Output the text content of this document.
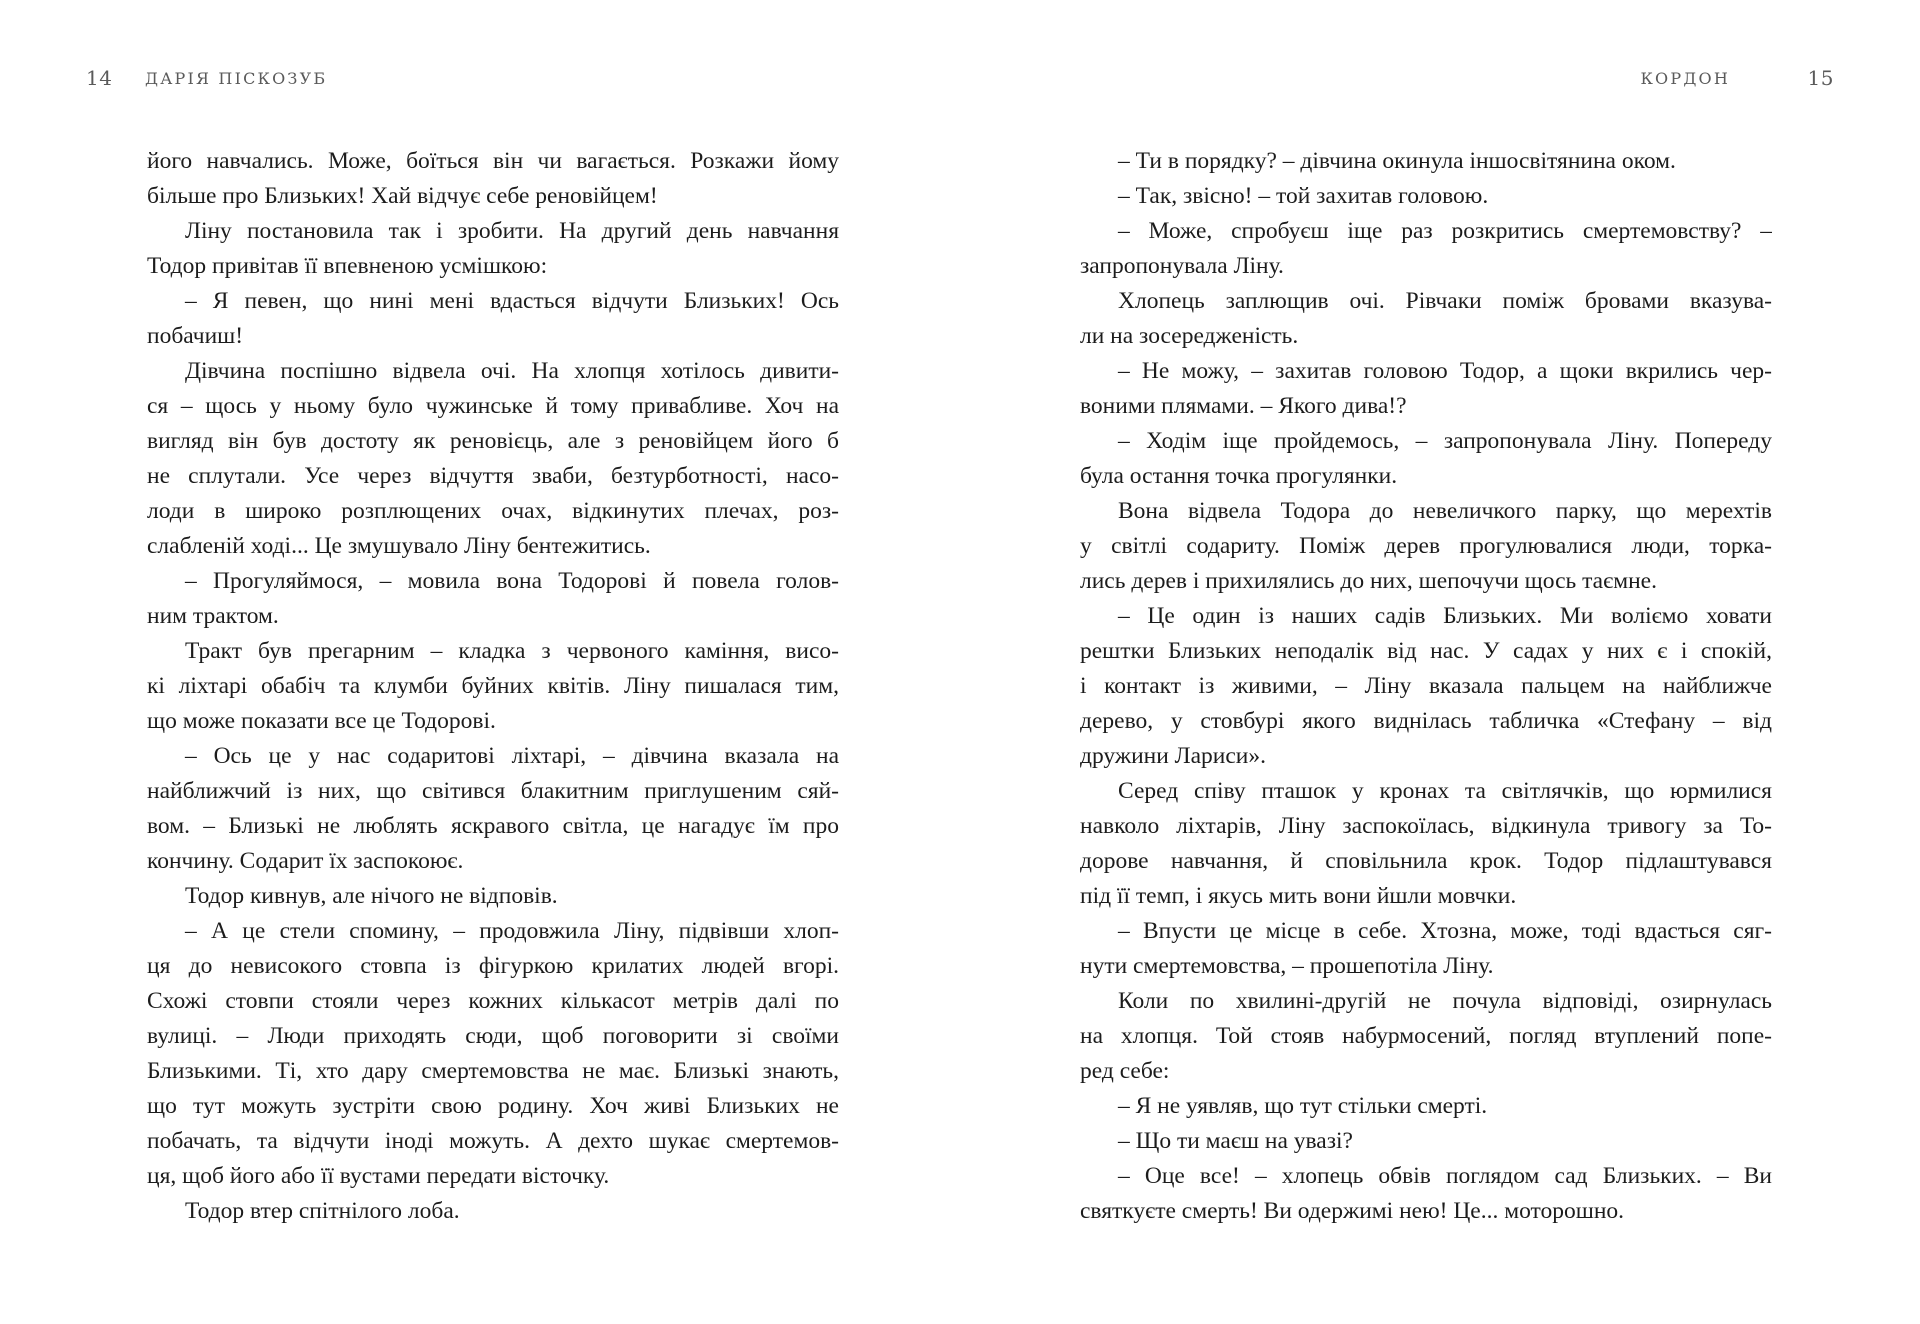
14 ДАРІЯ ПІСКОЗУБ
його навчались. Може, боїться він чи вагається. Розкажи йому
більше про Близьких! Хай відчує себе реновійцем!
Ліну постановила так і зробити. На другий день навчання
Тодор привітав її впевненою усмішкою:
– Я певен, що нині мені вдасться відчути Близьких! Ось
побачиш!
Дівчина поспішно відвела очі. На хлопця хотілось дивити-
ся – щось у ньому було чужинське й тому привабливе. Хоч на
вигляд він був достоту як реновієць, але з реновійцем його б
не сплутали. Усе через відчуття зваби, безтурботності, насо-
лоди в широко розплющених очах, відкинутих плечах, роз-
слабленій ході... Це змушувало Ліну бентежитись.
– Прогуляймося, – мовила вона Тодорові й повела голов-
ним трактом.
Тракт був прегарним – кладка з червоного каміння, висо-
кі ліхтарі обабіч та клумби буйних квітів. Ліну пишалася тим,
що може показати все це Тодорові.
– Ось це у нас содаритові ліхтарі, – дівчина вказала на
найближчий із них, що світився блакитним приглушеним сяй-
вом. – Близькі не люблять яскравого світла, це нагадує їм про
кончину. Содарит їх заспокоює.
Тодор кивнув, але нічого не відповів.
– А це стели спомину, – продовжила Ліну, підвівши хлоп-
ця до невисокого стовпа із фігуркою крилатих людей вгорі.
Схожі стовпи стояли через кожних кількасот метрів далі по
вулиці. – Люди приходять сюди, щоб поговорити зі своїми
Близькими. Ті, хто дару смертемовства не має. Близькі знають,
що тут можуть зустріти свою родину. Хоч живі Близьких не
побачать, та відчути іноді можуть. А дехто шукає смертемов-
ця, щоб його або її вустами передати вісточку.
Тодор втер спітнілого лоба.
КОРДОН	15
– Ти в порядку? – дівчина окинула іншосвітянина оком.
– Так, звісно! – той захитав головою.
– Може, спробуєш іще раз розкритись смертемовству? –
запропонувала Ліну.
Хлопець заплющив очі. Рівчаки поміж бровами вказува-
ли на зосередженість.
– Не можу, – захитав головою Тодор, а щоки вкрились чер-
воними плямами. – Якого дива!?
– Ходім іще пройдемось, – запропонувала Ліну. Попереду
була остання точка прогулянки.
Вона відвела Тодора до невеличкого парку, що мерехтів
у світлі содариту. Поміж дерев прогулювалися люди, торка-
лись дерев і прихилялись до них, шепочучи щось таємне.
– Це один із наших садів Близьких. Ми воліємо ховати
рештки Близьких неподалік від нас. У садах у них є і спокій,
і контакт із живими, – Ліну вказала пальцем на найближче
дерево, у стовбурі якого виднілась табличка «Стефану – від
дружини Лариси».
Серед співу пташок у кронах та світлячків, що юрмилися
навколо ліхтарів, Ліну заспокоїлась, відкинула тривогу за То-
дорове навчання, й сповільнила крок. Тодор підлаштувався
під її темп, і якусь мить вони йшли мовчки.
– Впусти це місце в себе. Хтозна, може, тоді вдасться сяг-
нути смертемовства, – прошепотіла Ліну.
Коли по хвилині-другій не почула відповіді, озирнулась
на хлопця. Той стояв набурмосений, погляд втуплений попе-
ред себе:
– Я не уявляв, що тут стільки смерті.
– Що ти маєш на увазі?
– Оце все! – хлопець обвів поглядом сад Близьких. – Ви
святкуєте смерть! Ви одержимі нею! Це... моторошно.
